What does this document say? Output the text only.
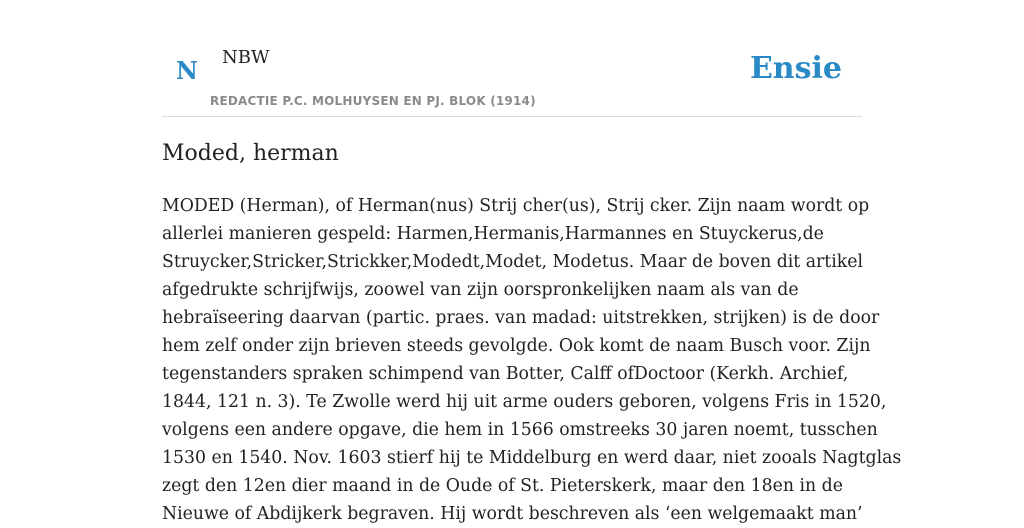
N NBW
REDACTIE P.C. MOLHUYSEN EN PJ. BLOK (1914)
Ensie
Moded, herman

MODED (Herman), of Herman(nus) Strij cher(us), Strij cker. Zijn naam wordt op
allerlei manieren gespeld: Harmen,Hermanis,Harmannes en Stuyckerus,de
Struycker,Stricker,Strickker,Modedt,Modet, Modetus. Maar de boven dit artikel
afgedrukte schrijfwijs, zoowel van zijn oorspronkelijken naam als van de
hebraïseering daarvan (partic. praes. van madad: uitstrekken, strijken) is de door
hem zelf onder zijn brieven steeds gevolgde. Ook komt de naam Busch voor. Zijn
tegenstanders spraken schimpend van Botter, Calff ofDoctoor (Kerkh. Archief,
1844, 121 n. 3). Te Zwolle werd hij uit arme ouders geboren, volgens Fris in 1520,
volgens een andere opgave, die hem in 1566 omstreeks 30 jaren noemt, tusschen
1530 en 1540. Nov. 1603 stierf hij te Middelburg en werd daar, niet zooals Nagtglas
zegt den 12en dier maand in de Oude of St. Pieterskerk, maar den 18en in de
Nieuwe of Abdijkerk begraven. Hij wordt beschreven als ‘een welgemaakt man’
